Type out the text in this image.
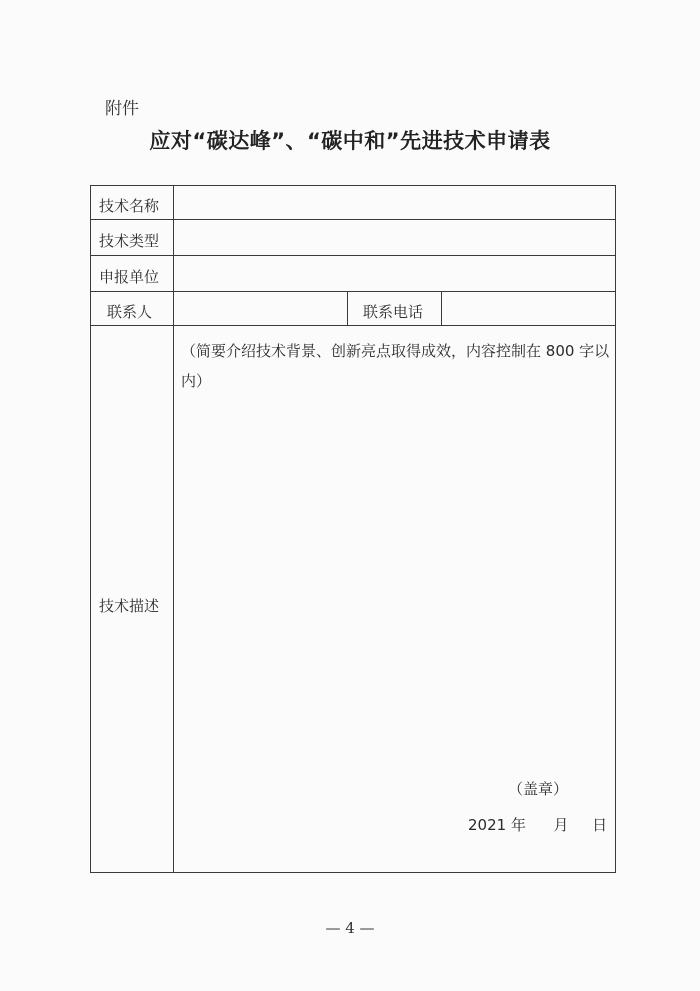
附件
应对“碳达峰”、“碳中和”先进技术申请表
技术名称
技术类型
申报单位
联系人	联系电话
技术描述
（简要介绍技术背景、创新亮点取得成效，内容控制在 800 字以内）
（盖章）
2021 年 月 日
— 4 —
